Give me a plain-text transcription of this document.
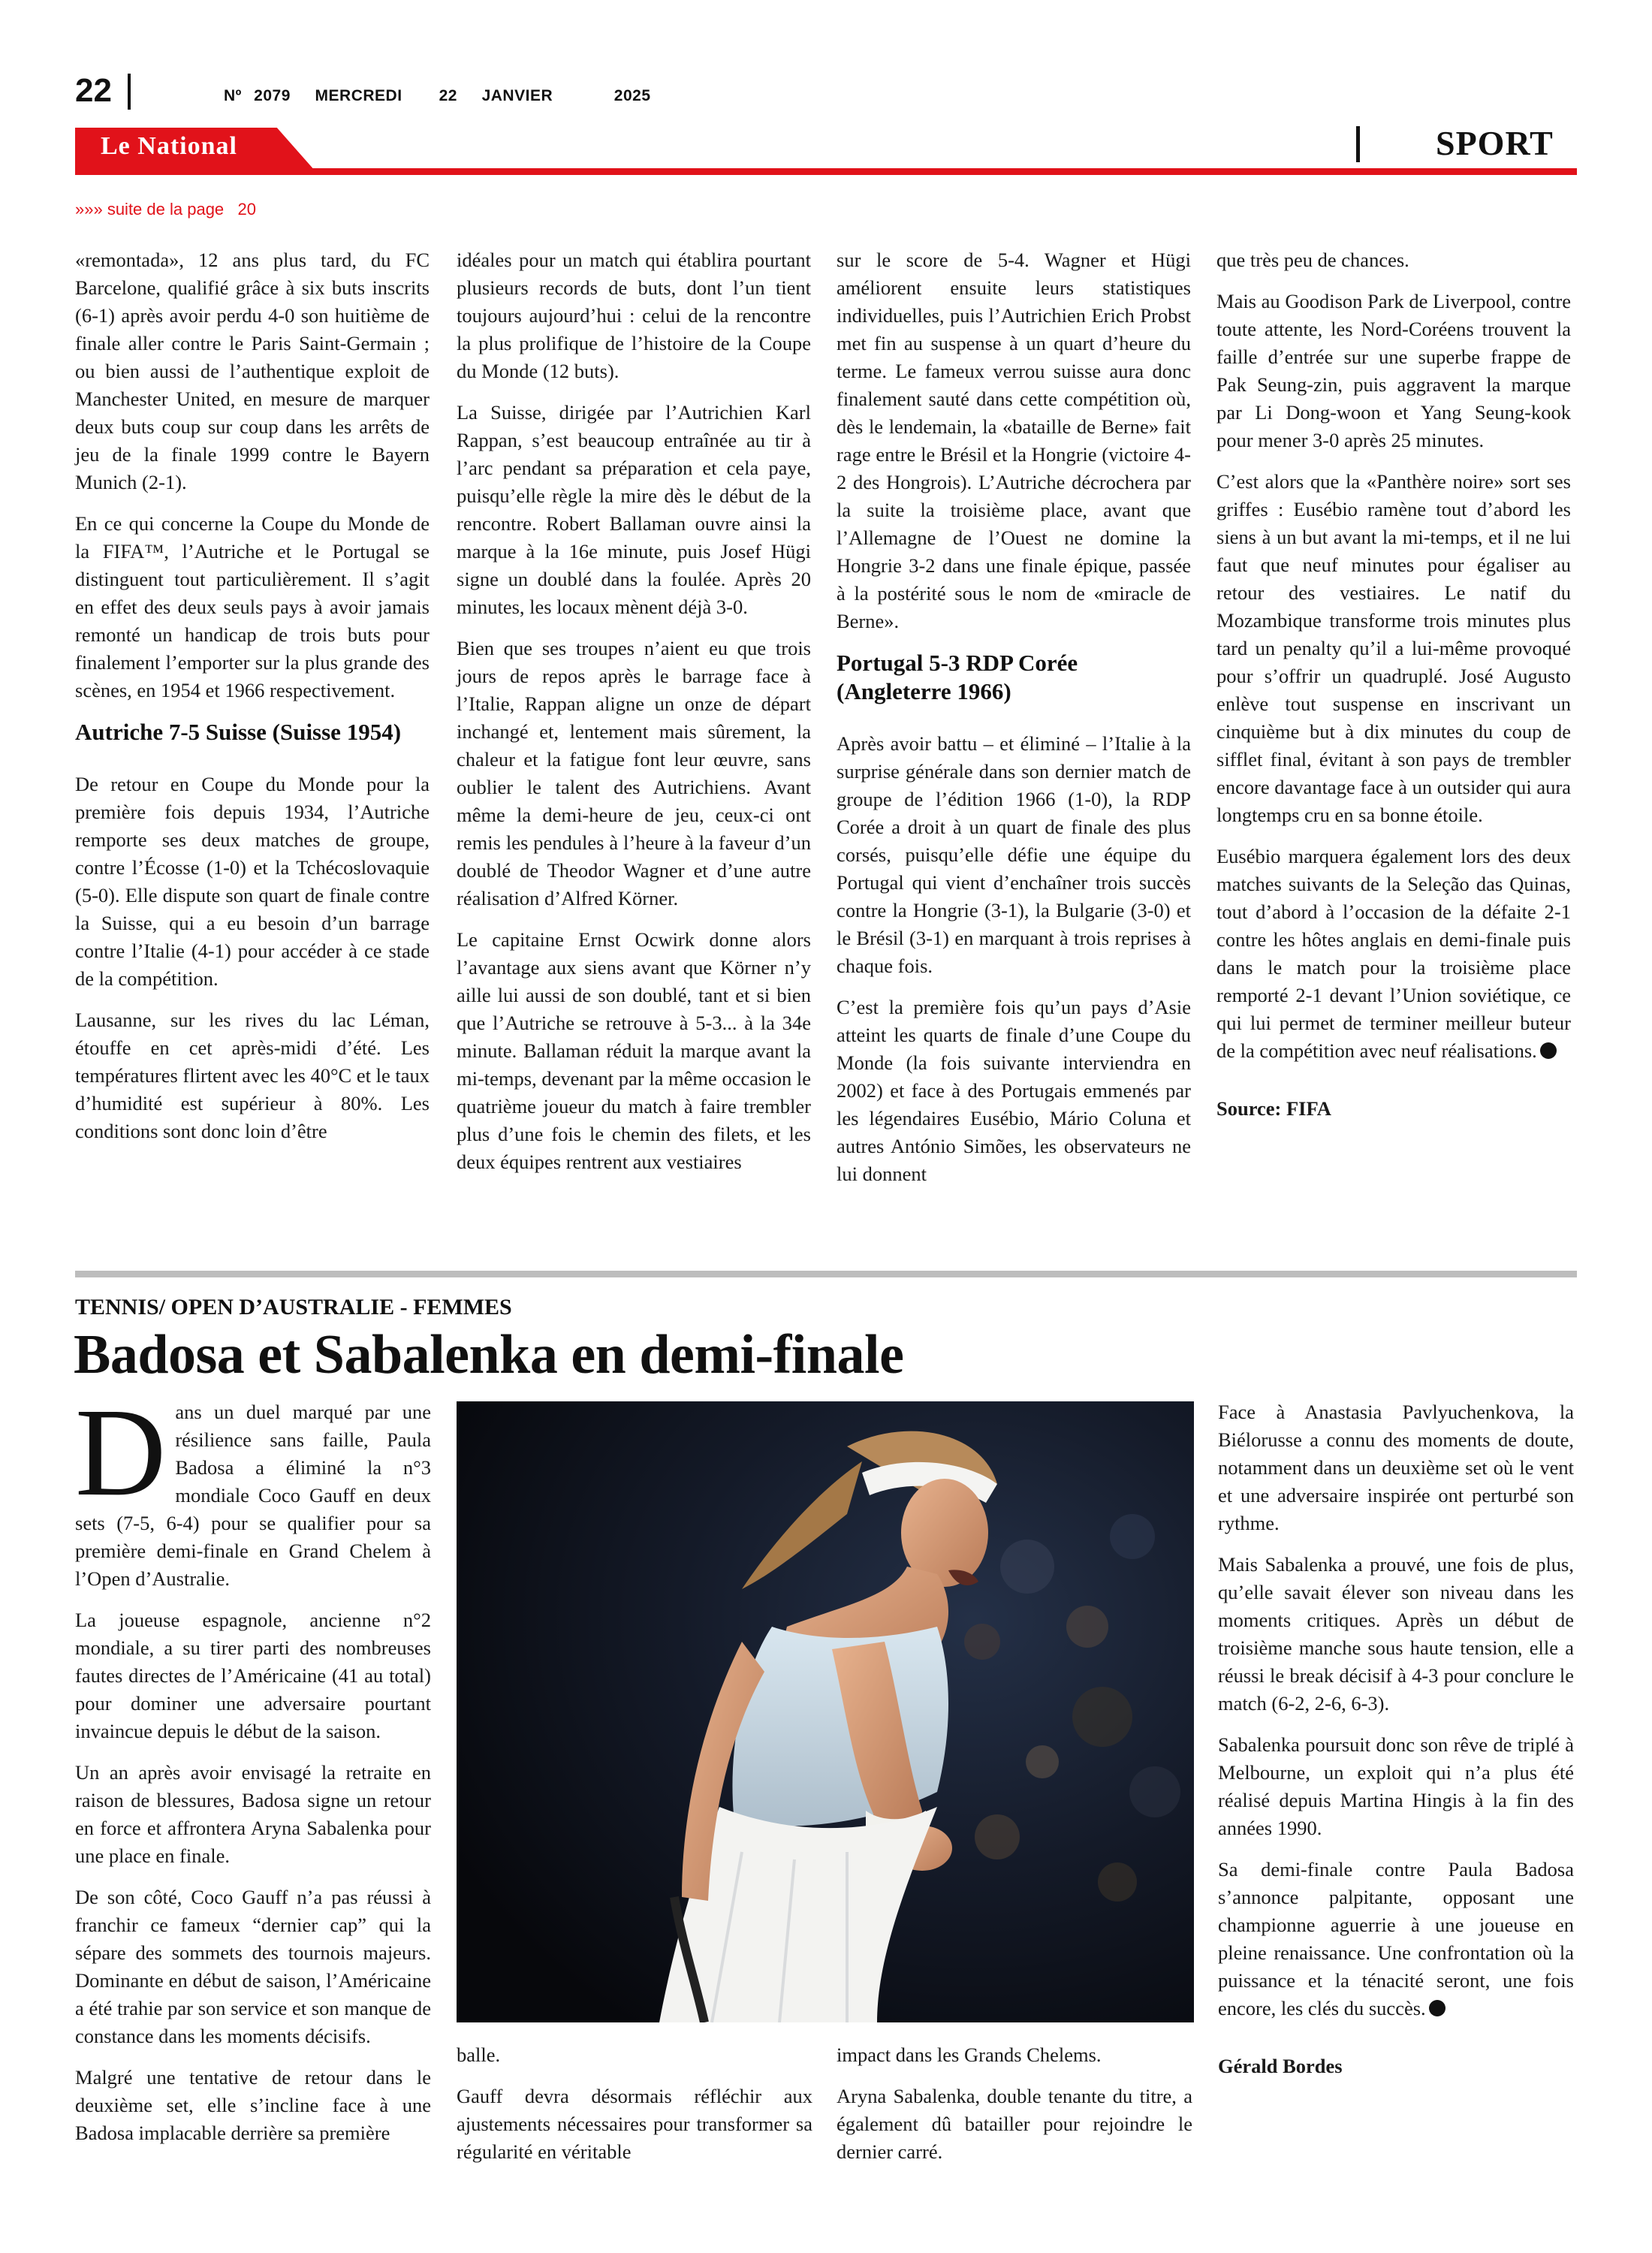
22	Nº 2079  MERCREDI   22  JANVIER     2025
Le National	SPORT
»»» suite de la page   20

«remontada», 12 ans plus tard, du FC Barcelone, qualifié grâce à six buts inscrits (6-1) après avoir perdu 4-0 son huitième de finale aller contre le Paris Saint-Germain ; ou bien aussi de l’authentique exploit de Manchester United, en mesure de marquer deux buts coup sur coup dans les arrêts de jeu de la finale 1999 contre le Bayern Munich (2-1).

En ce qui concerne la Coupe du Monde de la FIFA™, l’Autriche et le Portugal se distinguent tout particulièrement. Il s’agit en effet des deux seuls pays à avoir jamais remonté un handicap de trois buts pour finalement l’emporter sur la plus grande des scènes, en 1954 et 1966 respectivement.

Autriche 7-5 Suisse (Suisse 1954)

De retour en Coupe du Monde pour la première fois depuis 1934, l’Autriche remporte ses deux matches de groupe, contre l’Écosse (1-0) et la Tchécoslovaquie (5-0). Elle dispute son quart de finale contre la Suisse, qui a eu besoin d’un barrage contre l’Italie (4-1) pour accéder à ce stade de la compétition.

Lausanne, sur les rives du lac Léman, étouffe en cet après-midi d’été. Les températures flirtent avec les 40°C et le taux d’humidité est supérieur à 80%. Les conditions sont donc loin d’être

idéales pour un match qui établira pourtant plusieurs records de buts, dont l’un tient toujours aujourd’hui : celui de la rencontre la plus prolifique de l’histoire de la Coupe du Monde (12 buts).

La Suisse, dirigée par l’Autrichien Karl Rappan, s’est beaucoup entraînée au tir à l’arc pendant sa préparation et cela paye, puisqu’elle règle la mire dès le début de la rencontre. Robert Ballaman ouvre ainsi la marque à la 16e minute, puis Josef Hügi signe un doublé dans la foulée. Après 20 minutes, les locaux mènent déjà 3-0.

Bien que ses troupes n’aient eu que trois jours de repos après le barrage face à l’Italie, Rappan aligne un onze de départ inchangé et, lentement mais sûrement, la chaleur et la fatigue font leur œuvre, sans oublier le talent des Autrichiens. Avant même la demi-heure de jeu, ceux-ci ont remis les pendules à l’heure à la faveur d’un doublé de Theodor Wagner et d’une autre réalisation d’Alfred Körner.

Le capitaine Ernst Ocwirk donne alors l’avantage aux siens avant que Körner n’y aille lui aussi de son doublé, tant et si bien que l’Autriche se retrouve à 5-3... à la 34e minute. Ballaman réduit la marque avant la mi-temps, devenant par la même occasion le quatrième joueur du match à faire trembler plus d’une fois le chemin des filets, et les deux équipes rentrent aux vestiaires

sur le score de 5-4. Wagner et Hügi améliorent ensuite leurs statistiques individuelles, puis l’Autrichien Erich Probst met fin au suspense à un quart d’heure du terme. Le fameux verrou suisse aura donc finalement sauté dans cette compétition où, dès le lendemain, la «bataille de Berne» fait rage entre le Brésil et la Hongrie (victoire 4-2 des Hongrois). L’Autriche décrochera par la suite la troisième place, avant que l’Allemagne de l’Ouest ne domine la Hongrie 3-2 dans une finale épique, passée à la postérité sous le nom de «miracle de Berne».

Portugal 5-3 RDP Corée (Angleterre 1966)

Après avoir battu – et éliminé – l’Italie à la surprise générale dans son dernier match de groupe de l’édition 1966 (1-0), la RDP Corée a droit à un quart de finale des plus corsés, puisqu’elle défie une équipe du Portugal qui vient d’enchaîner trois succès contre la Hongrie (3-1), la Bulgarie (3-0) et le Brésil (3-1) en marquant à trois reprises à chaque fois.

C’est la première fois qu’un pays d’Asie atteint les quarts de finale d’une Coupe du Monde (la fois suivante interviendra en 2002) et face à des Portugais emmenés par les légendaires Eusébio, Mário Coluna et autres António Simões, les observateurs ne lui donnent

que très peu de chances.

Mais au Goodison Park de Liverpool, contre toute attente, les Nord-Coréens trouvent la faille d’entrée sur une superbe frappe de Pak Seung-zin, puis aggravent la marque par Li Dong-woon et Yang Seung-kook pour mener 3-0 après 25 minutes.

C’est alors que la «Panthère noire» sort ses griffes : Eusébio ramène tout d’abord les siens à un but avant la mi-temps, et il ne lui faut que neuf minutes pour égaliser au retour des vestiaires. Le natif du Mozambique transforme trois minutes plus tard un penalty qu’il a lui-même provoqué pour s’offrir un quadruplé. José Augusto enlève tout suspense en inscrivant un cinquième but à dix minutes du coup de sifflet final, évitant à son pays de trembler encore davantage face à un outsider qui aura longtemps cru en sa bonne étoile.

Eusébio marquera également lors des deux matches suivants de la Seleção das Quinas, tout d’abord à l’occasion de la défaite 2-1 contre les hôtes anglais en demi-finale puis dans le match pour la troisième place remporté 2-1 devant l’Union soviétique, ce qui lui permet de terminer meilleur buteur de la compétition avec neuf réalisations.

Source: FIFA

TENNIS/ OPEN D’AUSTRALIE - FEMMES
Badosa et Sabalenka en demi-finale

Dans un duel marqué par une résilience sans faille, Paula Badosa a éliminé la n°3 mondiale Coco Gauff en deux sets (7-5, 6-4) pour se qualifier pour sa première demi-finale en Grand Chelem à l’Open d’Australie.

La joueuse espagnole, ancienne n°2 mondiale, a su tirer parti des nombreuses fautes directes de l’Américaine (41 au total) pour dominer une adversaire pourtant invaincue depuis le début de la saison.

Un an après avoir envisagé la retraite en raison de blessures, Badosa signe un retour en force et affrontera Aryna Sabalenka pour une place en finale.

De son côté, Coco Gauff n’a pas réussi à franchir ce fameux “dernier cap” qui la sépare des sommets des tournois majeurs. Dominante en début de saison, l’Américaine a été trahie par son service et son manque de constance dans les moments décisifs.

Malgré une tentative de retour dans le deuxième set, elle s’incline face à une Badosa implacable derrière sa première

balle.

Gauff devra désormais réfléchir aux ajustements nécessaires pour transformer sa régularité en véritable

impact dans les Grands Chelems.

Aryna Sabalenka, double tenante du titre, a également dû batailler pour rejoindre le dernier carré.

Face à Anastasia Pavlyuchenkova, la Biélorusse a connu des moments de doute, notamment dans un deuxième set où le vent et une adversaire inspirée ont perturbé son rythme.

Mais Sabalenka a prouvé, une fois de plus, qu’elle savait élever son niveau dans les moments critiques. Après un début de troisième manche sous haute tension, elle a réussi le break décisif à 4-3 pour conclure le match (6-2, 2-6, 6-3).

Sabalenka poursuit donc son rêve de triplé à Melbourne, un exploit qui n’a plus été réalisé depuis Martina Hingis à la fin des années 1990.

Sa demi-finale contre Paula Badosa s’annonce palpitante, opposant une championne aguerrie à une joueuse en pleine renaissance. Une confrontation où la puissance et la ténacité seront, une fois encore, les clés du succès.

Gérald Bordes
